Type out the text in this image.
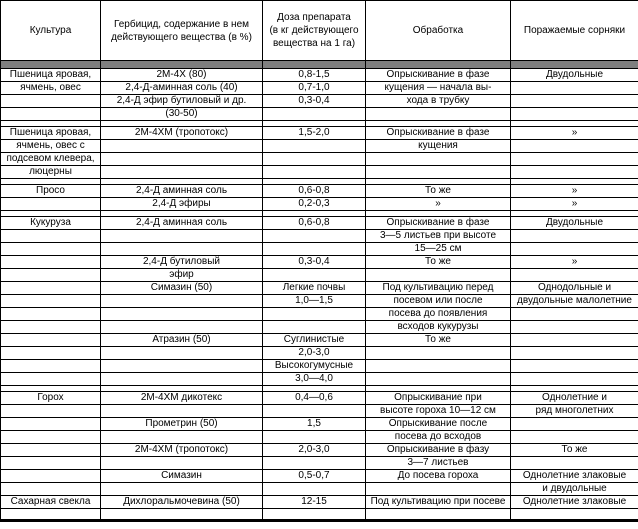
Культура	Гербицид, содержание в нем
действующего вещества (в %)	Доза препарата
(в кг действующего
вещества на 1 га)	Обработка	Поражаемые сорняки

Пшеница яровая,	2М-4Х (80)	0,8-1,5	Опрыскивание в фазе	Двудольные
ячмень, овес	2,4-Д-аминная соль (40)	0,7-1,0	кущения — начала вы-	
	2,4-Д эфир бутиловый и др.	0,3-0,4	хода в трубку	
	(30-50)			

Пшеница яровая,	2М-4ХМ (тропотокс)	1,5-2,0	Опрыскивание в фазе	»
ячмень, овес с			кущения	
подсевом клевера,				
люцерны				

Просо	2,4-Д аминная соль	0,6-0,8	То же	»
	2,4-Д эфиры	0,2-0,3	»	»

Кукуруза	2,4-Д аминная соль	0,6-0,8	Опрыскивание в фазе	Двудольные
			3—5 листьев при высоте	
			15—25 см	
	2,4-Д бутиловый	0,3-0,4	То же	»
	эфир			
	Симазин (50)	Легкие почвы	Под культивацию перед	Однодольные и
		1,0—1,5	посевом или после	двудольные малолетние
			посева до появления	
			всходов кукурузы	
	Атразин (50)	Суглинистые	То же	
		2,0-3,0		
		Высокогумусные		
		3,0—4,0		

Горох	2М-4ХМ дикотекс	0,4—0,6	Опрыскивание при	Однолетние и
			высоте гороха 10—12 см	ряд многолетних
	Прометрин (50)	1,5	Опрыскивание после	
			посева до всходов	
	2М-4ХМ (тропотокс)	2,0-3,0	Опрыскивание в фазу	То же
			3—7 листьев	
	Симазин	0,5-0,7	До посева гороха	Однолетние злаковые
				и двудольные
Сахарная свекла	Дихлоральмочевина (50)	12-15	Под культивацию при посеве	Однолетние злаковые
